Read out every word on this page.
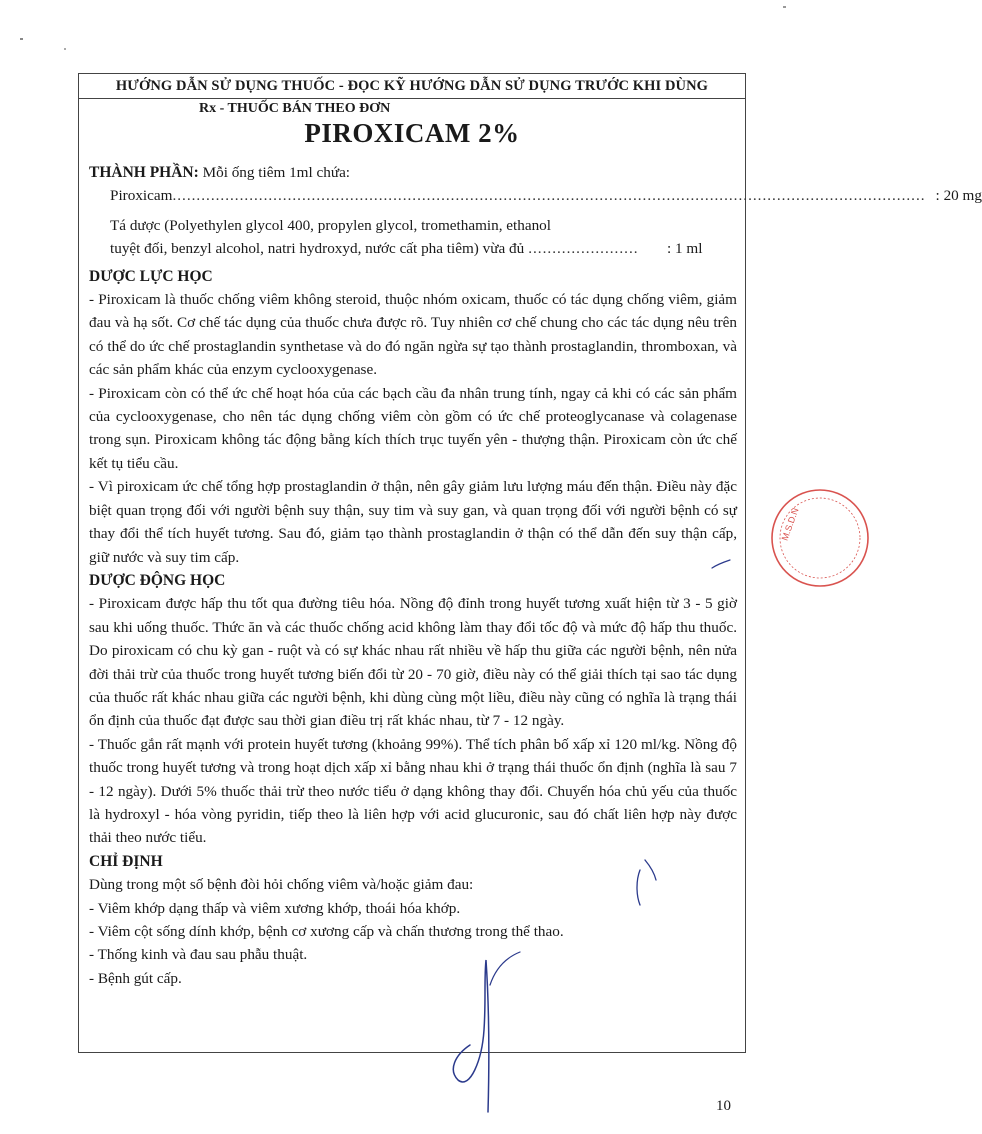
HƯỚNG DẪN SỬ DỤNG THUỐC - ĐỌC KỸ HƯỚNG DẪN SỬ DỤNG TRƯỚC KHI DÙNG
Rx - THUỐC BÁN THEO ĐƠN
PIROXICAM 2%

THÀNH PHẦN: Mỗi ống tiêm 1ml chứa:

Piroxicam ............................................................................................................................................................. : 20 mg

Tá dược (Polyethylen glycol 400, propylen glycol, tromethamin, ethanol

tuyệt đối, benzyl alcohol, natri hydroxyd, nước cất pha tiêm) vừa đủ .......................	: 1 ml

DƯỢC LỰC HỌC

- Piroxicam là thuốc chống viêm không steroid, thuộc nhóm oxicam, thuốc có tác dụng chống viêm, giảm đau và hạ sốt. Cơ chế tác dụng của thuốc chưa được rõ. Tuy nhiên cơ chế chung cho các tác dụng nêu trên có thể do ức chế prostaglandin synthetase và do đó ngăn ngừa sự tạo thành prostaglandin, thromboxan, và các sản phẩm khác của enzym cyclooxygenase.

- Piroxicam còn có thể ức chế hoạt hóa của các bạch cầu đa nhân trung tính, ngay cả khi có các sản phẩm của cyclooxygenase, cho nên tác dụng chống viêm còn gồm có ức chế proteoglycanase và colagenase trong sụn. Piroxicam không tác động bằng kích thích trục tuyến yên - thượng thận. Piroxicam còn ức chế kết tụ tiểu cầu.

- Vì piroxicam ức chế tổng hợp prostaglandin ở thận, nên gây giảm lưu lượng máu đến thận. Điều này đặc biệt quan trọng đối với người bệnh suy thận, suy tim và suy gan, và quan trọng đối với người bệnh có sự thay đổi thể tích huyết tương. Sau đó, giảm tạo thành prostaglandin ở thận có thể dẫn đến suy thận cấp, giữ nước và suy tim cấp.

DƯỢC ĐỘNG HỌC

- Piroxicam được hấp thu tốt qua đường tiêu hóa. Nồng độ đỉnh trong huyết tương xuất hiện từ 3 - 5 giờ sau khi uống thuốc. Thức ăn và các thuốc chống acid không làm thay đổi tốc độ và mức độ hấp thu thuốc. Do piroxicam có chu kỳ gan - ruột và có sự khác nhau rất nhiều về hấp thu giữa các người bệnh, nên nửa đời thải trừ của thuốc trong huyết tương biến đổi từ 20 - 70 giờ, điều này có thể giải thích tại sao tác dụng của thuốc rất khác nhau giữa các người bệnh, khi dùng cùng một liều, điều này cũng có nghĩa là trạng thái ổn định của thuốc đạt được sau thời gian điều trị rất khác nhau, từ 7 - 12 ngày.

- Thuốc gắn rất mạnh với protein huyết tương (khoảng 99%). Thể tích phân bố xấp xỉ 120 ml/kg. Nồng độ thuốc trong huyết tương và trong hoạt dịch xấp xỉ bằng nhau khi ở trạng thái thuốc ổn định (nghĩa là sau 7 - 12 ngày). Dưới 5% thuốc thải trừ theo nước tiểu ở dạng không thay đổi. Chuyển hóa chủ yếu của thuốc là hydroxyl - hóa vòng pyridin, tiếp theo là liên hợp với acid glucuronic, sau đó chất liên hợp này được thải theo nước tiểu.

CHỈ ĐỊNH

Dùng trong một số bệnh đòi hỏi chống viêm và/hoặc giảm đau:

- Viêm khớp dạng thấp và viêm xương khớp, thoái hóa khớp.

- Viêm cột sống dính khớp, bệnh cơ xương cấp và chấn thương trong thể thao.

- Thống kinh và đau sau phẫu thuật.

- Bệnh gút cấp.

10
M.S.D.N
